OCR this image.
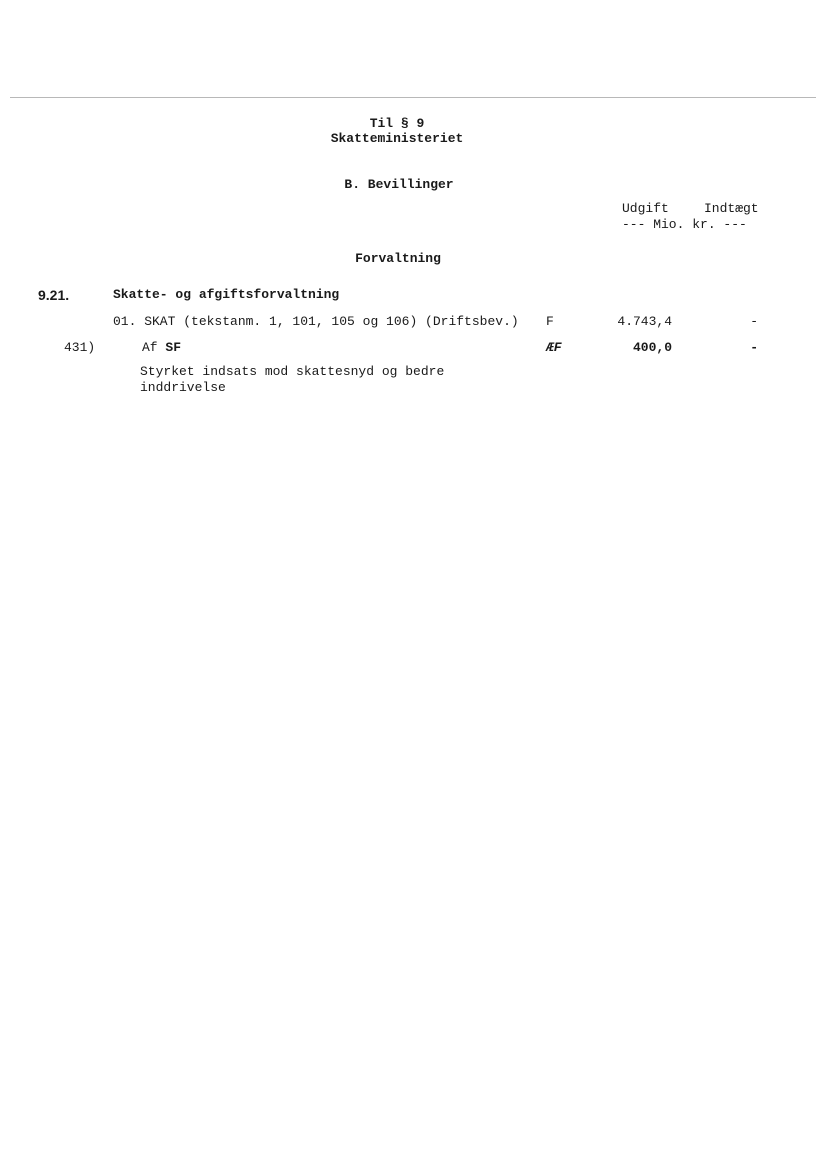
Til § 9
Skatteministeriet
B. Bevillinger
Udgift	Indtægt
--- Mio. kr. ---
Forvaltning
9.21.	Skatte- og afgiftsforvaltning
01. SKAT (tekstanm. 1, 101, 105 og 106) (Driftsbev.) F	4.743,4	-
431)	Af SF	ÆF	400,0	-
Styrket indsats mod skattesnyd og bedre
inddrivelse
